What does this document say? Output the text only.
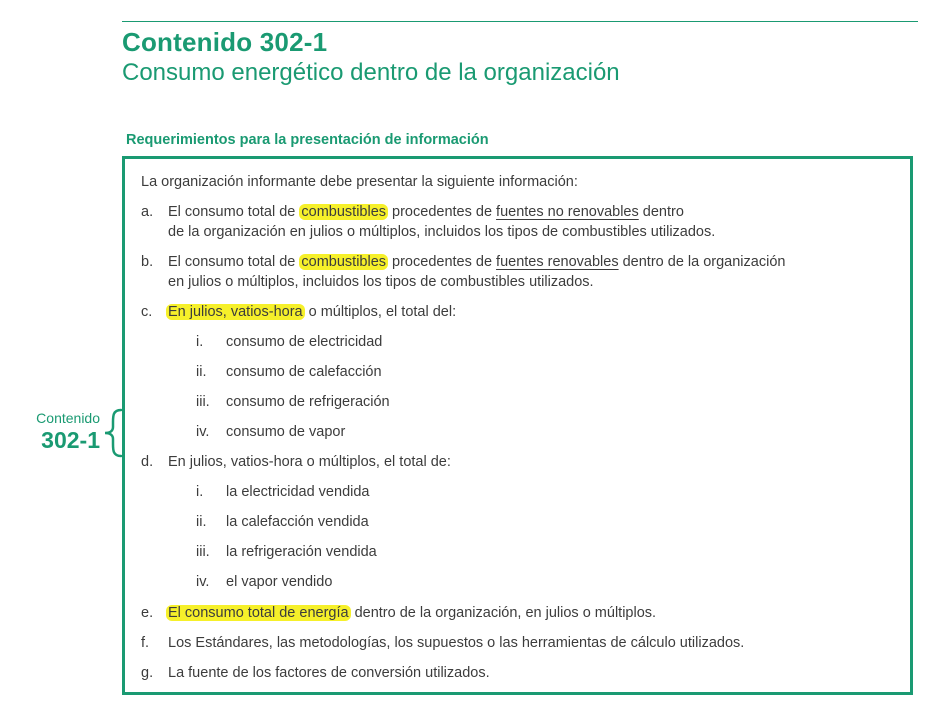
Contenido 302-1
Consumo energético dentro de la organización
Requerimientos para la presentación de información
Contenido
302-1
La organización informante debe presentar la siguiente información:
a. El consumo total de combustibles procedentes de fuentes no renovables dentro
de la organización en julios o múltiplos, incluidos los tipos de combustibles utilizados.
b. El consumo total de combustibles procedentes de fuentes renovables dentro de la organización
en julios o múltiplos, incluidos los tipos de combustibles utilizados.
c. En julios, vatios-hora o múltiplos, el total del:
i. consumo de electricidad
ii. consumo de calefacción
iii. consumo de refrigeración
iv. consumo de vapor
d. En julios, vatios-hora o múltiplos, el total de:
i. la electricidad vendida
ii. la calefacción vendida
iii. la refrigeración vendida
iv. el vapor vendido
e. El consumo total de energía dentro de la organización, en julios o múltiplos.
f. Los Estándares, las metodologías, los supuestos o las herramientas de cálculo utilizados.
g. La fuente de los factores de conversión utilizados.
